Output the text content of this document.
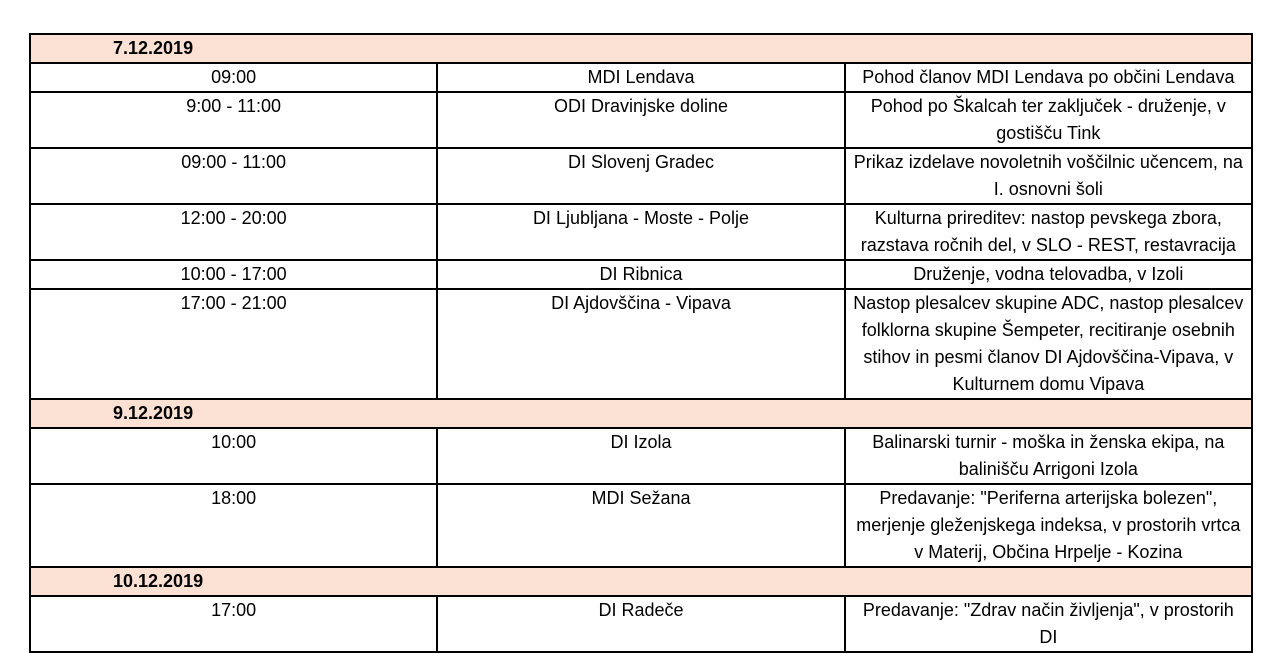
7.12.2019		
09:00	MDI Lendava	Pohod članov MDI Lendava po občini Lendava
9:00 - 11:00	ODI Dravinjske doline	Pohod po Škalcah ter zaključek - druženje, v gostišču Tink
09:00 - 11:00	DI Slovenj Gradec	Prikaz izdelave novoletnih voščilnic učencem, na I. osnovni šoli
12:00 - 20:00	DI Ljubljana - Moste - Polje	Kulturna prireditev: nastop pevskega zbora, razstava ročnih del, v SLO - REST, restavracija
10:00 - 17:00	DI Ribnica	Druženje, vodna telovadba, v Izoli
17:00 - 21:00	DI Ajdovščina - Vipava	Nastop plesalcev skupine ADC, nastop plesalcev folklorna skupine Šempeter, recitiranje osebnih stihov in pesmi članov DI Ajdovščina-Vipava, v Kulturnem domu Vipava
9.12.2019		
10:00	DI Izola	Balinarski turnir - moška in ženska ekipa, na balinišču Arrigoni Izola
18:00	MDI Sežana	Predavanje: "Periferna arterijska bolezen", merjenje gleženjskega indeksa, v prostorih vrtca v Materij, Občina Hrpelje - Kozina
10.12.2019		
17:00	DI Radeče	Predavanje: "Zdrav način življenja", v prostorih DI
